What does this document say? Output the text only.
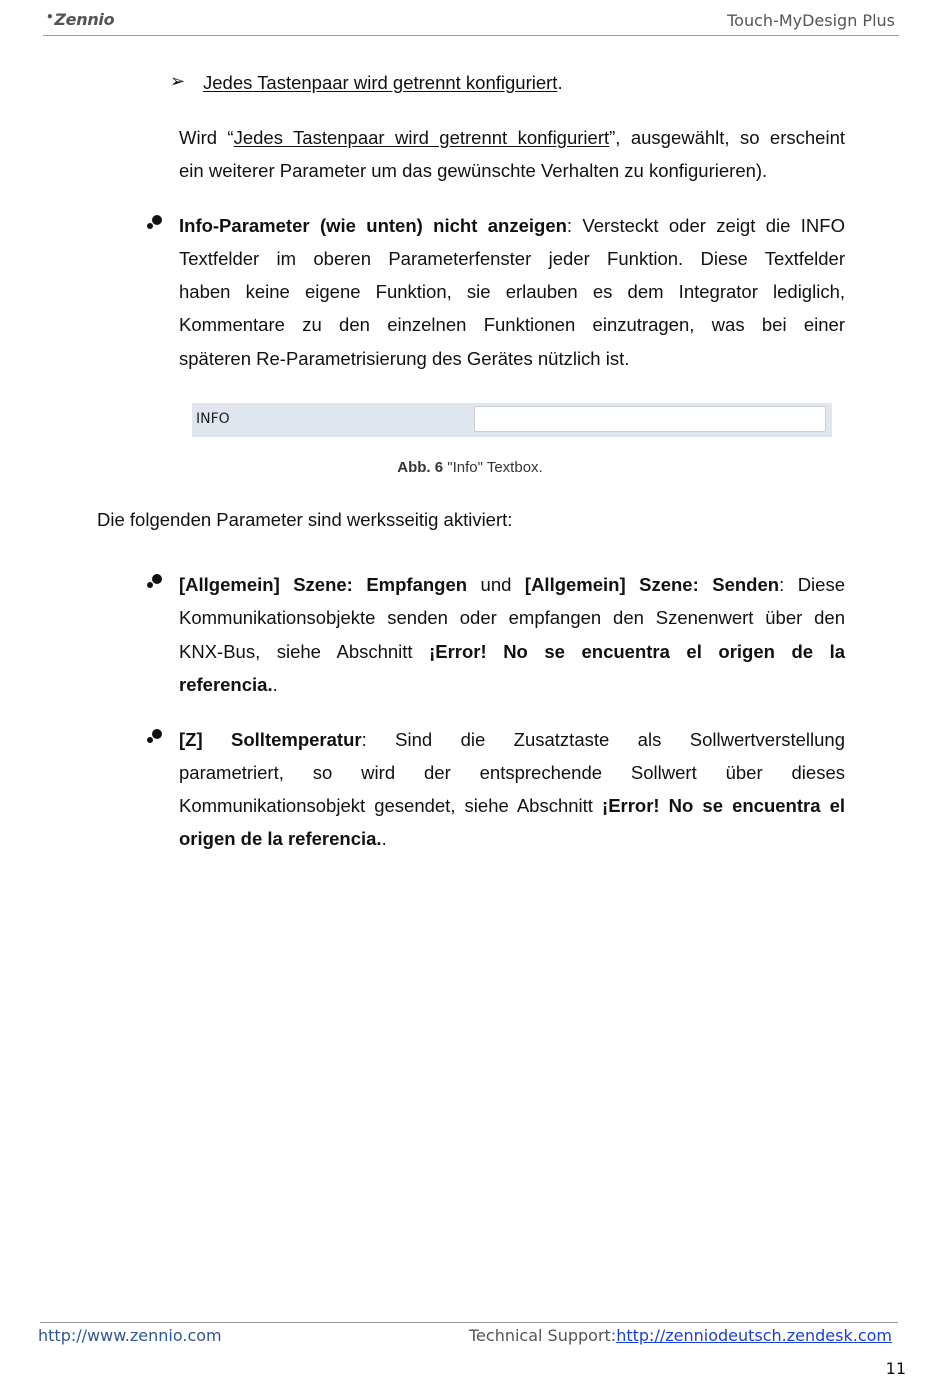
•Zennio	Touch-MyDesign Plus
➢ Jedes Tastenpaar wird getrennt konfiguriert.
Wird “Jedes Tastenpaar wird getrennt konfiguriert”, ausgewählt, so erscheint
ein weiterer Parameter um das gewünschte Verhalten zu konfigurieren).
Info-Parameter (wie unten) nicht anzeigen: Versteckt oder zeigt die INFO
Textfelder im oberen Parameterfenster jeder Funktion. Diese Textfelder
haben keine eigene Funktion, sie erlauben es dem Integrator lediglich,
Kommentare zu den einzelnen Funktionen einzutragen, was bei einer
späteren Re-Parametrisierung des Gerätes nützlich ist.
INFO
Abb. 6 "Info" Textbox.
Die folgenden Parameter sind werksseitig aktiviert:
[Allgemein] Szene: Empfangen und [Allgemein] Szene: Senden: Diese
Kommunikationsobjekte senden oder empfangen den Szenenwert über den
KNX-Bus, siehe Abschnitt ¡Error! No se encuentra el origen de la
referencia..
[Z] Solltemperatur: Sind die Zusatztaste als Sollwertverstellung
parametriert, so wird der entsprechende Sollwert über dieses
Kommunikationsobjekt gesendet, siehe Abschnitt ¡Error! No se encuentra el
origen de la referencia..
http://www.zennio.com	Technical Support:http://zenniodeutsch.zendesk.com
11
